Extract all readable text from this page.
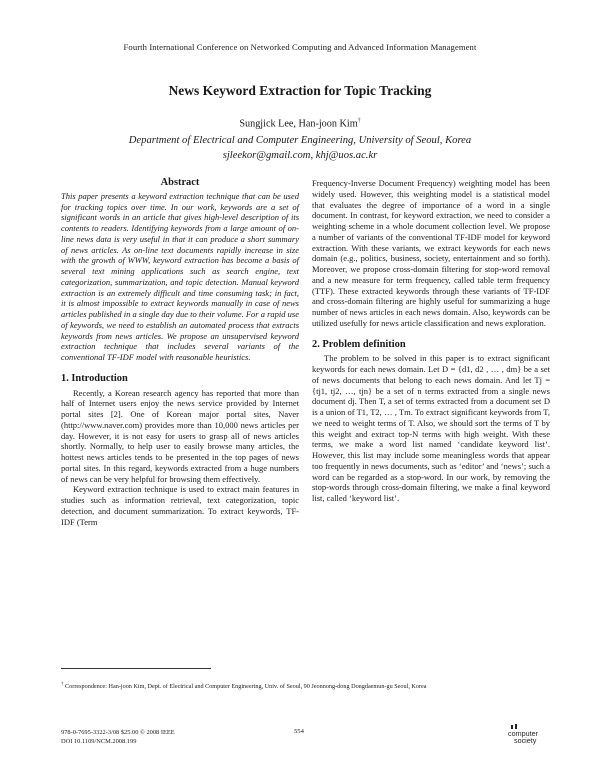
Fourth International Conference on Networked Computing and Advanced Information Management
News Keyword Extraction for Topic Tracking
Sungjick Lee, Han-joon Kim†
Department of Electrical and Computer Engineering, University of Seoul, Korea
sjleekor@gmail.com, khj@uos.ac.kr
Abstract

This paper presents a keyword extraction technique that can be used for tracking topics over time. In our work, keywords are a set of significant words in an article that gives high-level description of its contents to readers. Identifying keywords from a large amount of on-line news data is very useful in that it can produce a short summary of news articles. As on-line text documents rapidly increase in size with the growth of WWW, keyword extraction has become a basis of several text mining applications such as search engine, text categorization, summarization, and topic detection. Manual keyword extraction is an extremely difficult and time consuming task; in fact, it is almost impossible to extract keywords manually in case of news articles published in a single day due to their volume. For a rapid use of keywords, we need to establish an automated process that extracts keywords from news articles. We propose an unsupervised keyword extraction technique that includes several variants of the conventional TF-IDF model with reasonable heuristics.

1. Introduction

Recently, a Korean research agency has reported that more than half of Internet users enjoy the news service provided by Internet portal sites [2]. One of Korean major portal sites, Naver (http://www.naver.com) provides more than 10,000 news articles per day. However, it is not easy for users to grasp all of news articles shortly. Normally, to help user to easily browse many articles, the hottest news articles tends to be presented in the top pages of news portal sites. In this regard, keywords extracted from a huge numbers of news can be very helpful for browsing them effectively.

Keyword extraction technique is used to extract main features in studies such as information retrieval, text categorization, topic detection, and document summarization. To extract keywords, TF-IDF (Term

Frequency-Inverse Document Frequency) weighting model has been widely used. However, this weighting model is a statistical model that evaluates the degree of importance of a word in a single document. In contrast, for keyword extraction, we need to consider a weighting scheme in a whole document collection level. We propose a number of variants of the conventional TF-IDF model for keyword extraction. With these variants, we extract keywords for each news domain (e.g., politics, business, society, entertainment and so forth). Moreover, we propose cross-domain filtering for stop-word removal and a new measure for term frequency, called table term frequency (TTF). These extracted keywords through these variants of TF-IDF and cross-domain filtering are highly useful for summarizing a huge number of news articles in each news domain. Also, keywords can be utilized usefully for news article classification and news exploration.

2. Problem definition

The problem to be solved in this paper is to extract significant keywords for each news domain. Let D = {d1, d2 , … , dm} be a set of news documents that belong to each news domain. And let Tj = {tj1, tj2, …, tjn} be a set of n terms extracted from a single news document dj. Then T, a set of terms extracted from a document set D is a union of T1, T2, … , Tm. To extract significant keywords from T, we need to weight terms of T. Also, we should sort the terms of T by this weight and extract top-N terms with high weight. With these terms, we make a word list named ‘candidate keyword list’. However, this list may include some meaningless words that appear too frequently in news documents, such as ‘editor’ and ‘news’; such a word can be regarded as a stop-word. In our work, by removing the stop-words through cross-domain filtering, we make a final keyword list, called ‘keyword list’.

† Correspondence: Han-joon Kim, Dept. of Electrical and Computer Engineering, Univ. of Seoul, 90 Jeonnong-dong Dongdaemun-gu Seoul, Korea
978-0-7695-3322-3/08 $25.00 © 2008 IEEE
DOI 10.1109/NCM.2008.199
554	computer
society
